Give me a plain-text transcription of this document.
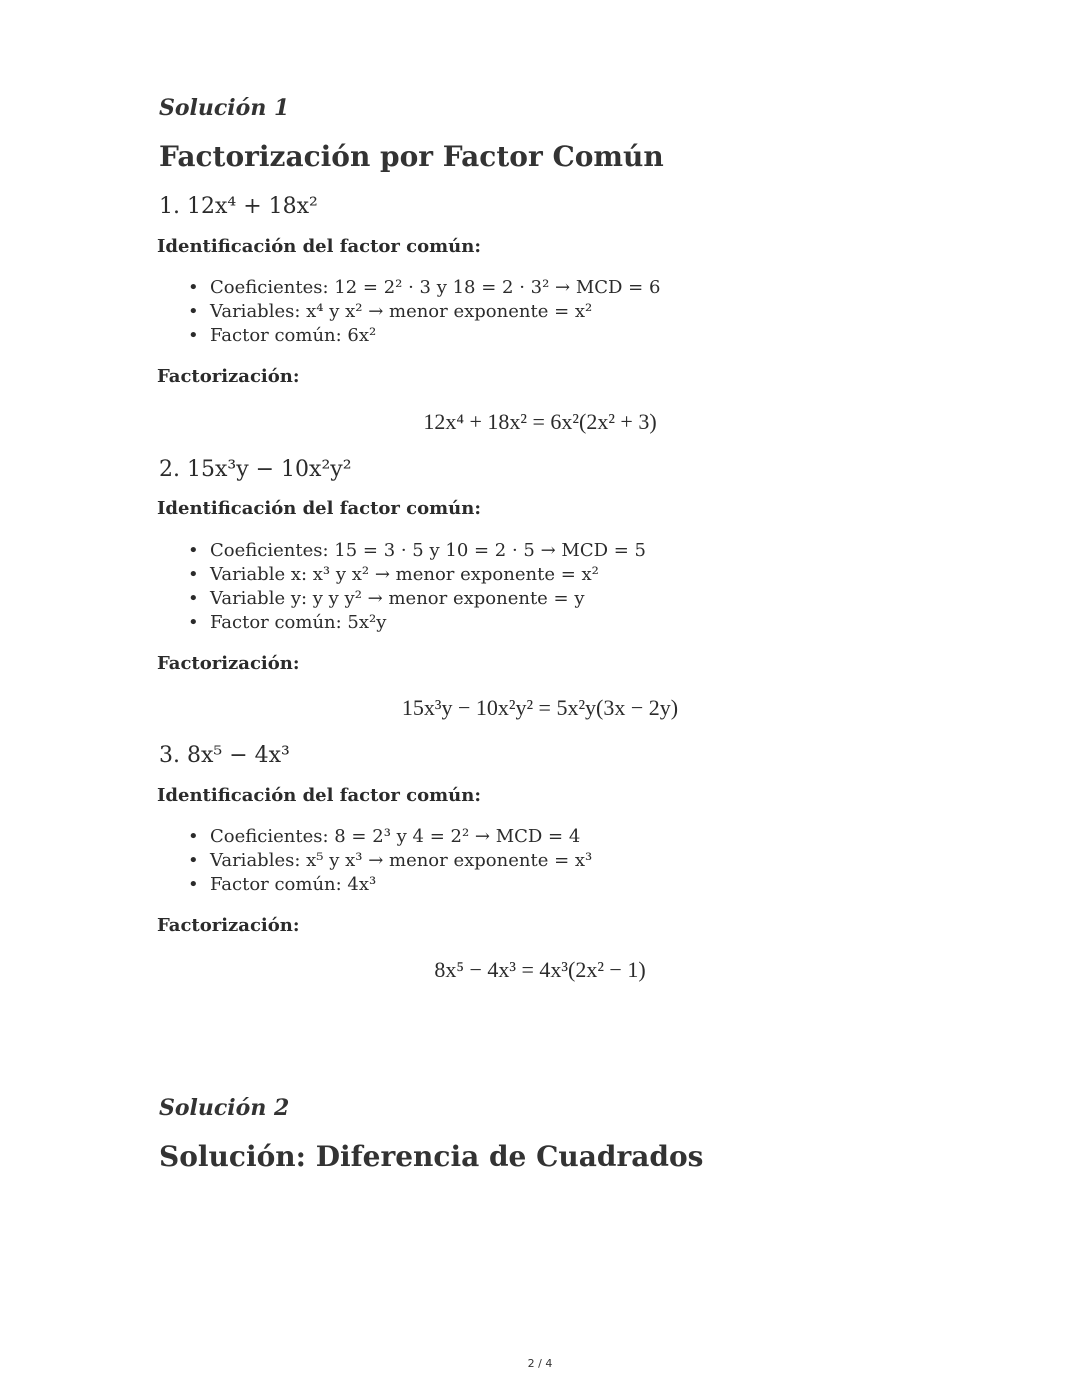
Solución 1
Factorización por Factor Común
1. 12x⁴ + 18x²
Identificación del factor común:
• Coeficientes: 12 = 2² · 3 y 18 = 2 · 3² → MCD = 6
• Variables: x⁴ y x² → menor exponente = x²
• Factor común: 6x²
Factorización:
12x⁴ + 18x² = 6x²(2x² + 3)
2. 15x³y − 10x²y²
Identificación del factor común:
• Coeficientes: 15 = 3 · 5 y 10 = 2 · 5 → MCD = 5
• Variable x: x³ y x² → menor exponente = x²
• Variable y: y y y² → menor exponente = y
• Factor común: 5x²y
Factorización:
15x³y − 10x²y² = 5x²y(3x − 2y)
3. 8x⁵ − 4x³
Identificación del factor común:
• Coeficientes: 8 = 2³ y 4 = 2² → MCD = 4
• Variables: x⁵ y x³ → menor exponente = x³
• Factor común: 4x³
Factorización:
8x⁵ − 4x³ = 4x³(2x² − 1)
Solución 2
Solución: Diferencia de Cuadrados
2 / 4
